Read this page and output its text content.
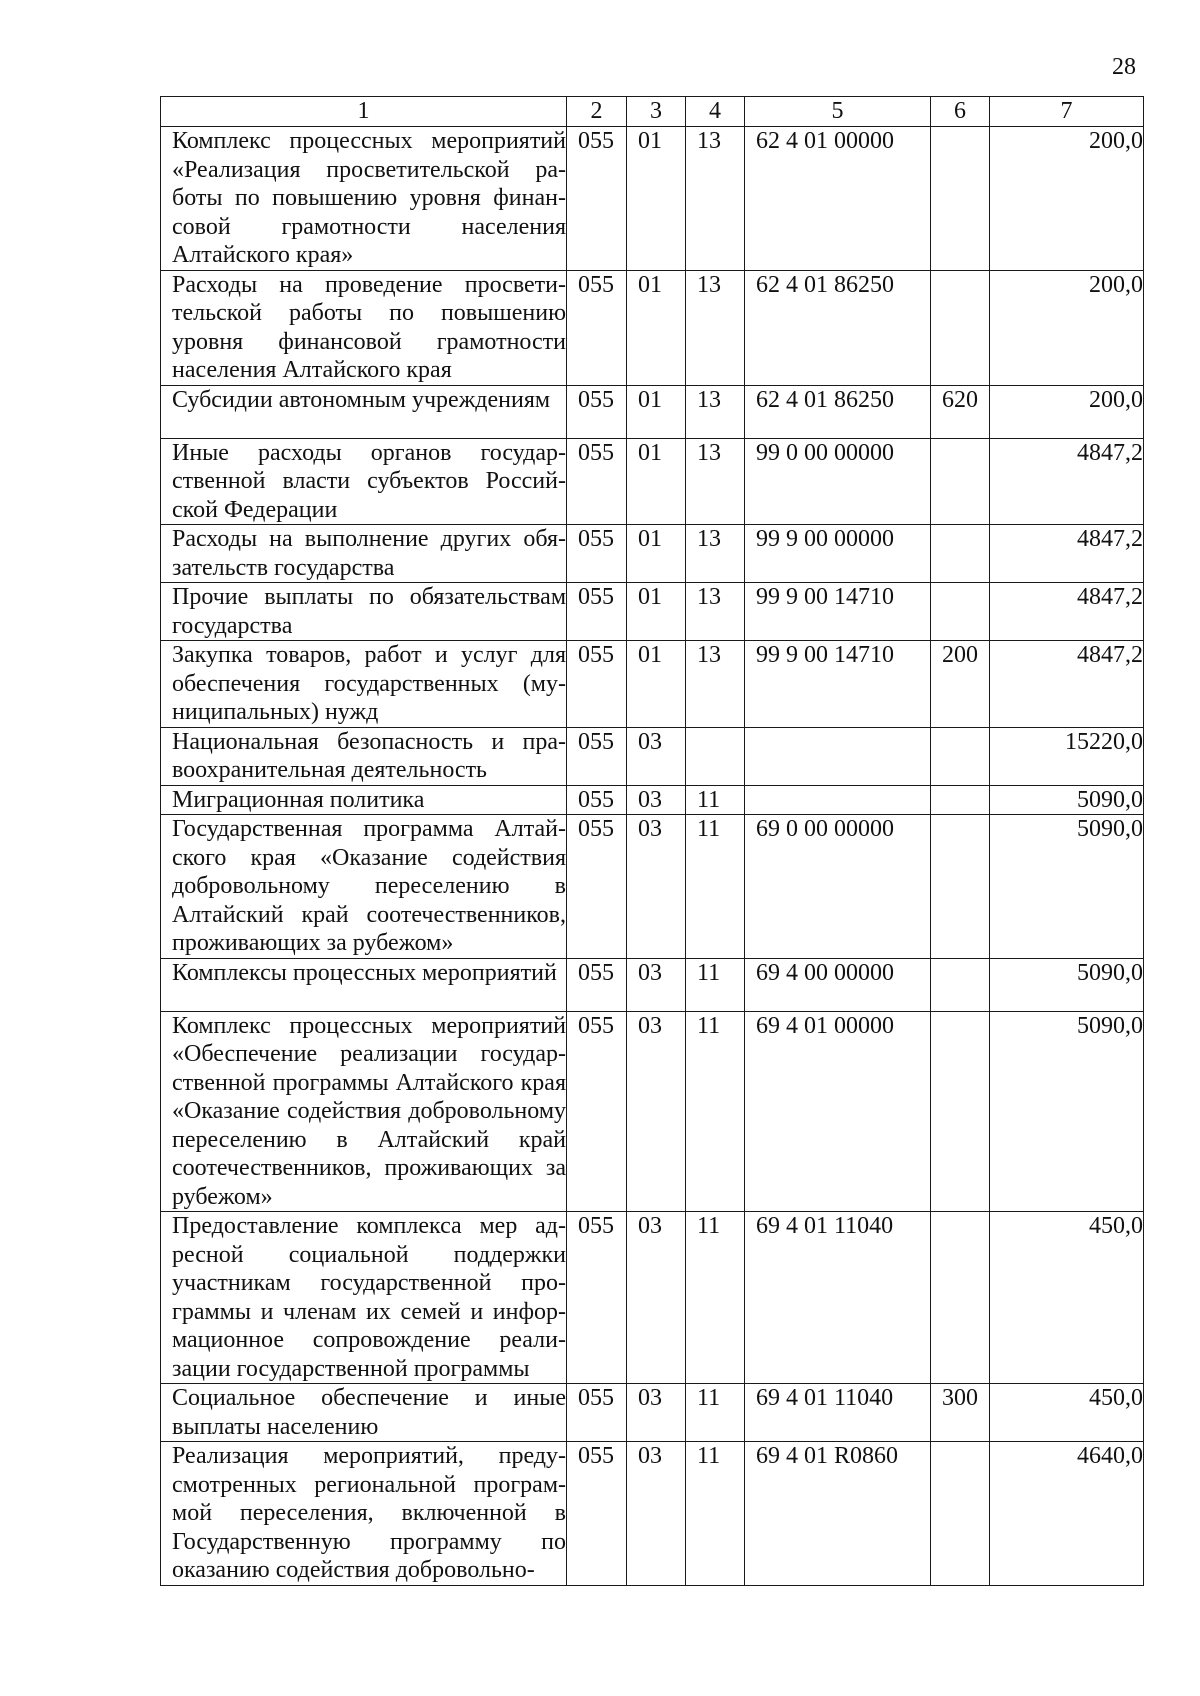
28
1	2	3	4	5	6	7
Комплекс процессных мероприятий «Реализация просветительской работы по повышению уровня финансовой грамотности населения Алтайского края»	055	01	13	62 4 01 00000		200,0
Расходы на проведение просветительской работы по повышению уровня финансовой грамотности населения Алтайского края	055	01	13	62 4 01 86250		200,0
Субсидии автономным учреждениям	055	01	13	62 4 01 86250	620	200,0
Иные расходы органов государственной власти субъектов Российской Федерации	055	01	13	99 0 00 00000		4847,2
Расходы на выполнение других обязательств государства	055	01	13	99 9 00 00000		4847,2
Прочие выплаты по обязательствам государства	055	01	13	99 9 00 14710		4847,2
Закупка товаров, работ и услуг для обеспечения государственных (муниципальных) нужд	055	01	13	99 9 00 14710	200	4847,2
Национальная безопасность и правоохранительная деятельность	055	03				15220,0
Миграционная политика	055	03	11			5090,0
Государственная программа Алтайского края «Оказание содействия добровольному переселению в Алтайский край соотечественников, проживающих за рубежом»	055	03	11	69 0 00 00000		5090,0
Комплексы процессных мероприятий	055	03	11	69 4 00 00000		5090,0
Комплекс процессных мероприятий «Обеспечение реализации государственной программы Алтайского края «Оказание содействия добровольному переселению в Алтайский край соотечественников, проживающих за рубежом»	055	03	11	69 4 01 00000		5090,0
Предоставление комплекса мер адресной социальной поддержки участникам государственной программы и членам их семей и информационное сопровождение реализации государственной программы	055	03	11	69 4 01 11040		450,0
Социальное обеспечение и иные выплаты населению	055	03	11	69 4 01 11040	300	450,0
Реализация мероприятий, предусмотренных региональной программой переселения, включенной в Государственную программу по оказанию содействия добровольно-	055	03	11	69 4 01 R0860		4640,0
